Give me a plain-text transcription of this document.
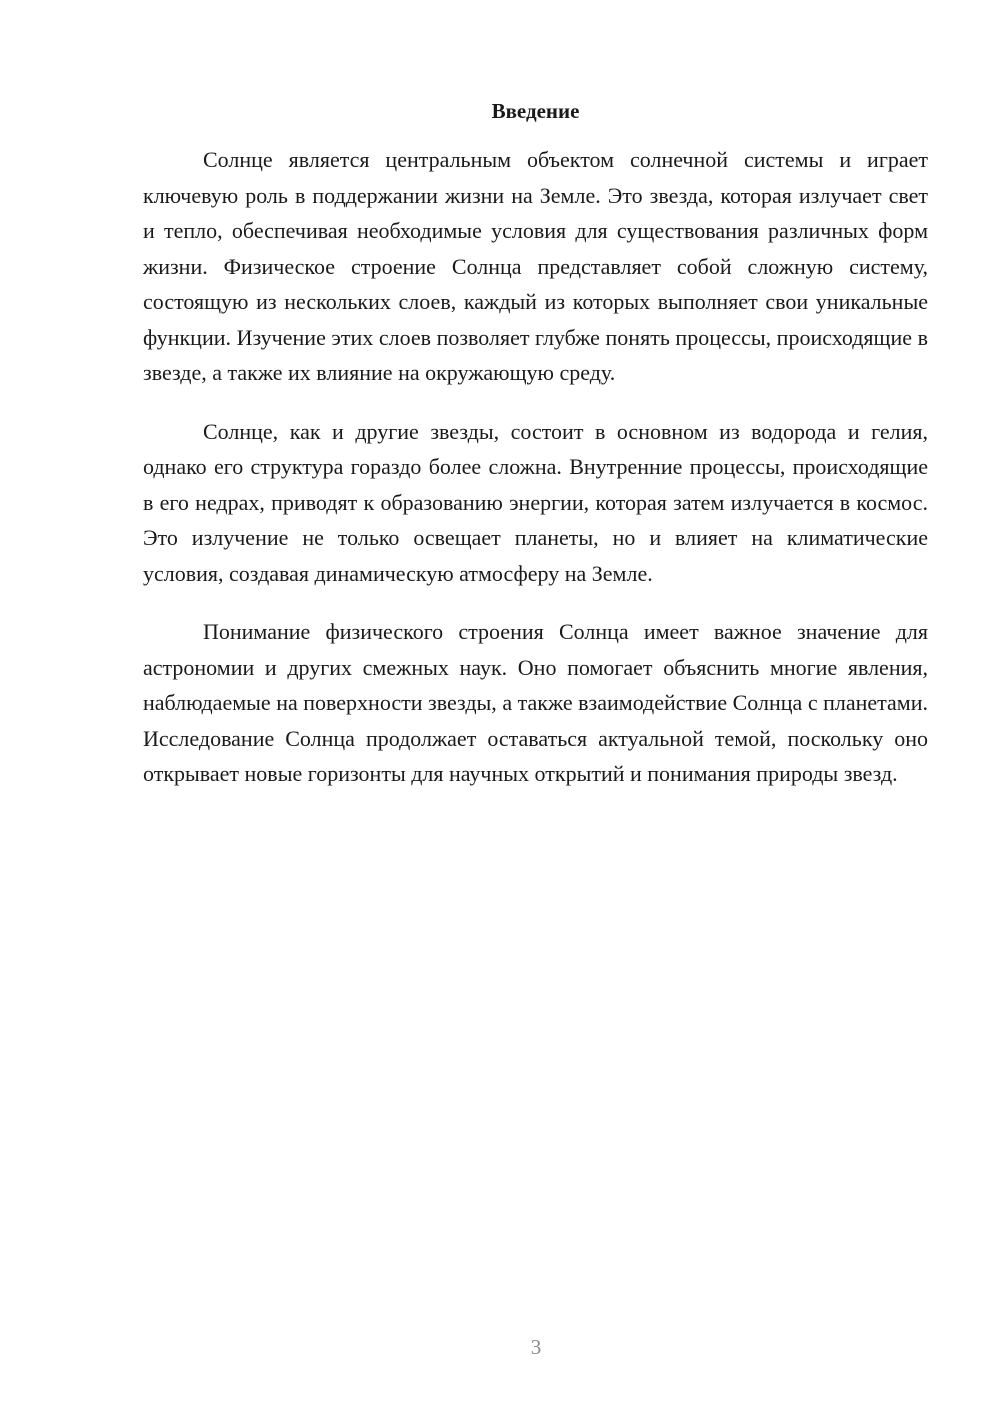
Введение

Солнце является центральным объектом солнечной системы и играет ключевую роль в поддержании жизни на Земле. Это звезда, которая излучает свет и тепло, обеспечивая необходимые условия для существования различных форм жизни. Физическое строение Солнца представляет собой сложную систему, состоящую из нескольких слоев, каждый из которых выполняет свои уникальные функции. Изучение этих слоев позволяет глубже понять процессы, происходящие в звезде, а также их влияние на окружающую среду.

Солнце, как и другие звезды, состоит в основном из водорода и гелия, однако его структура гораздо более сложна. Внутренние процессы, происходящие в его недрах, приводят к образованию энергии, которая затем излучается в космос. Это излучение не только освещает планеты, но и влияет на климатические условия, создавая динамическую атмосферу на Земле.

Понимание физического строения Солнца имеет важное значение для астрономии и других смежных наук. Оно помогает объяснить многие явления, наблюдаемые на поверхности звезды, а также взаимодействие Солнца с планетами. Исследование Солнца продолжает оставаться актуальной темой, поскольку оно открывает новые горизонты для научных открытий и понимания природы звезд.

3
